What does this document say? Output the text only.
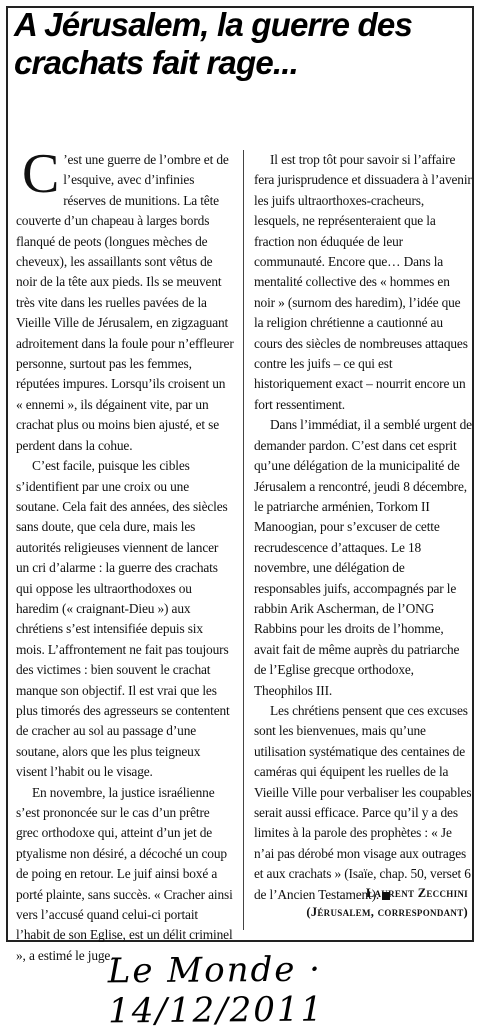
A Jérusalem, la guerre des crachats fait rage...

C ’est une guerre de l’ombre et de l’esquive, avec d’infinies réserves de munitions. La tête couverte d’un chapeau à larges bords flanqué de peots (longues mèches de cheveux), les assaillants sont vêtus de noir de la tête aux pieds. Ils se meuvent très vite dans les ruelles pavées de la Vieille Ville de Jérusalem, en zigzaguant adroitement dans la foule pour n’effleurer personne, surtout pas les femmes, réputées impures. Lorsqu’ils croisent un « ennemi », ils dégainent vite, par un crachat plus ou moins bien ajusté, et se perdent dans la cohue.

C’est facile, puisque les cibles s’identifient par une croix ou une soutane. Cela fait des années, des siècles sans doute, que cela dure, mais les autorités religieuses viennent de lancer un cri d’alarme : la guerre des crachats qui oppose les ultraorthodoxes ou haredim (« craignant-Dieu ») aux chrétiens s’est intensifiée depuis six mois. L’affrontement ne fait pas toujours des victimes : bien souvent le crachat manque son objectif. Il est vrai que les plus timorés des agresseurs se contentent de cracher au sol au passage d’une soutane, alors que les plus teigneux visent l’habit ou le visage.

En novembre, la justice israélienne s’est prononcée sur le cas d’un prêtre grec orthodoxe qui, atteint d’un jet de ptyalisme non désiré, a décoché un coup de poing en retour. Le juif ainsi boxé a porté plainte, sans succès. « Cracher ainsi vers l’accusé quand celui-ci portait l’habit de son Eglise, est un délit criminel », a estimé le juge.

Il est trop tôt pour savoir si l’affaire fera jurisprudence et dissuadera à l’avenir les juifs ultraorthoxes-cracheurs, lesquels, ne représenteraient que la fraction non éduquée de leur communauté. Encore que… Dans la mentalité collective des « hommes en noir » (surnom des haredim), l’idée que la religion chrétienne a cautionné au cours des siècles de nombreuses attaques contre les juifs – ce qui est historiquement exact – nourrit encore un fort ressentiment.

Dans l’immédiat, il a semblé urgent de demander pardon. C’est dans cet esprit qu’une délégation de la municipalité de Jérusalem a rencontré, jeudi 8 décembre, le patriarche arménien, Torkom II Manoogian, pour s’excuser de cette recrudescence d’attaques. Le 18 novembre, une délégation de responsables juifs, accompagnés par le rabbin Arik Ascherman, de l’ONG Rabbins pour les droits de l’homme, avait fait de même auprès du patriarche de l’Eglise grecque orthodoxe, Theophilos III.

Les chrétiens pensent que ces excuses sont les bienvenues, mais qu’une utilisation systématique des centaines de caméras qui équipent les ruelles de la Vieille Ville pour verbaliser les coupables serait aussi efficace. Parce qu’il y a des limites à la parole des prophètes : « Je n’ai pas dérobé mon visage aux outrages et aux crachats » (Isaïe, chap. 50, verset 6 de l’Ancien Testament).

Laurent Zecchini
(Jérusalem, correspondant)
Le Monde · 14/12/2011
